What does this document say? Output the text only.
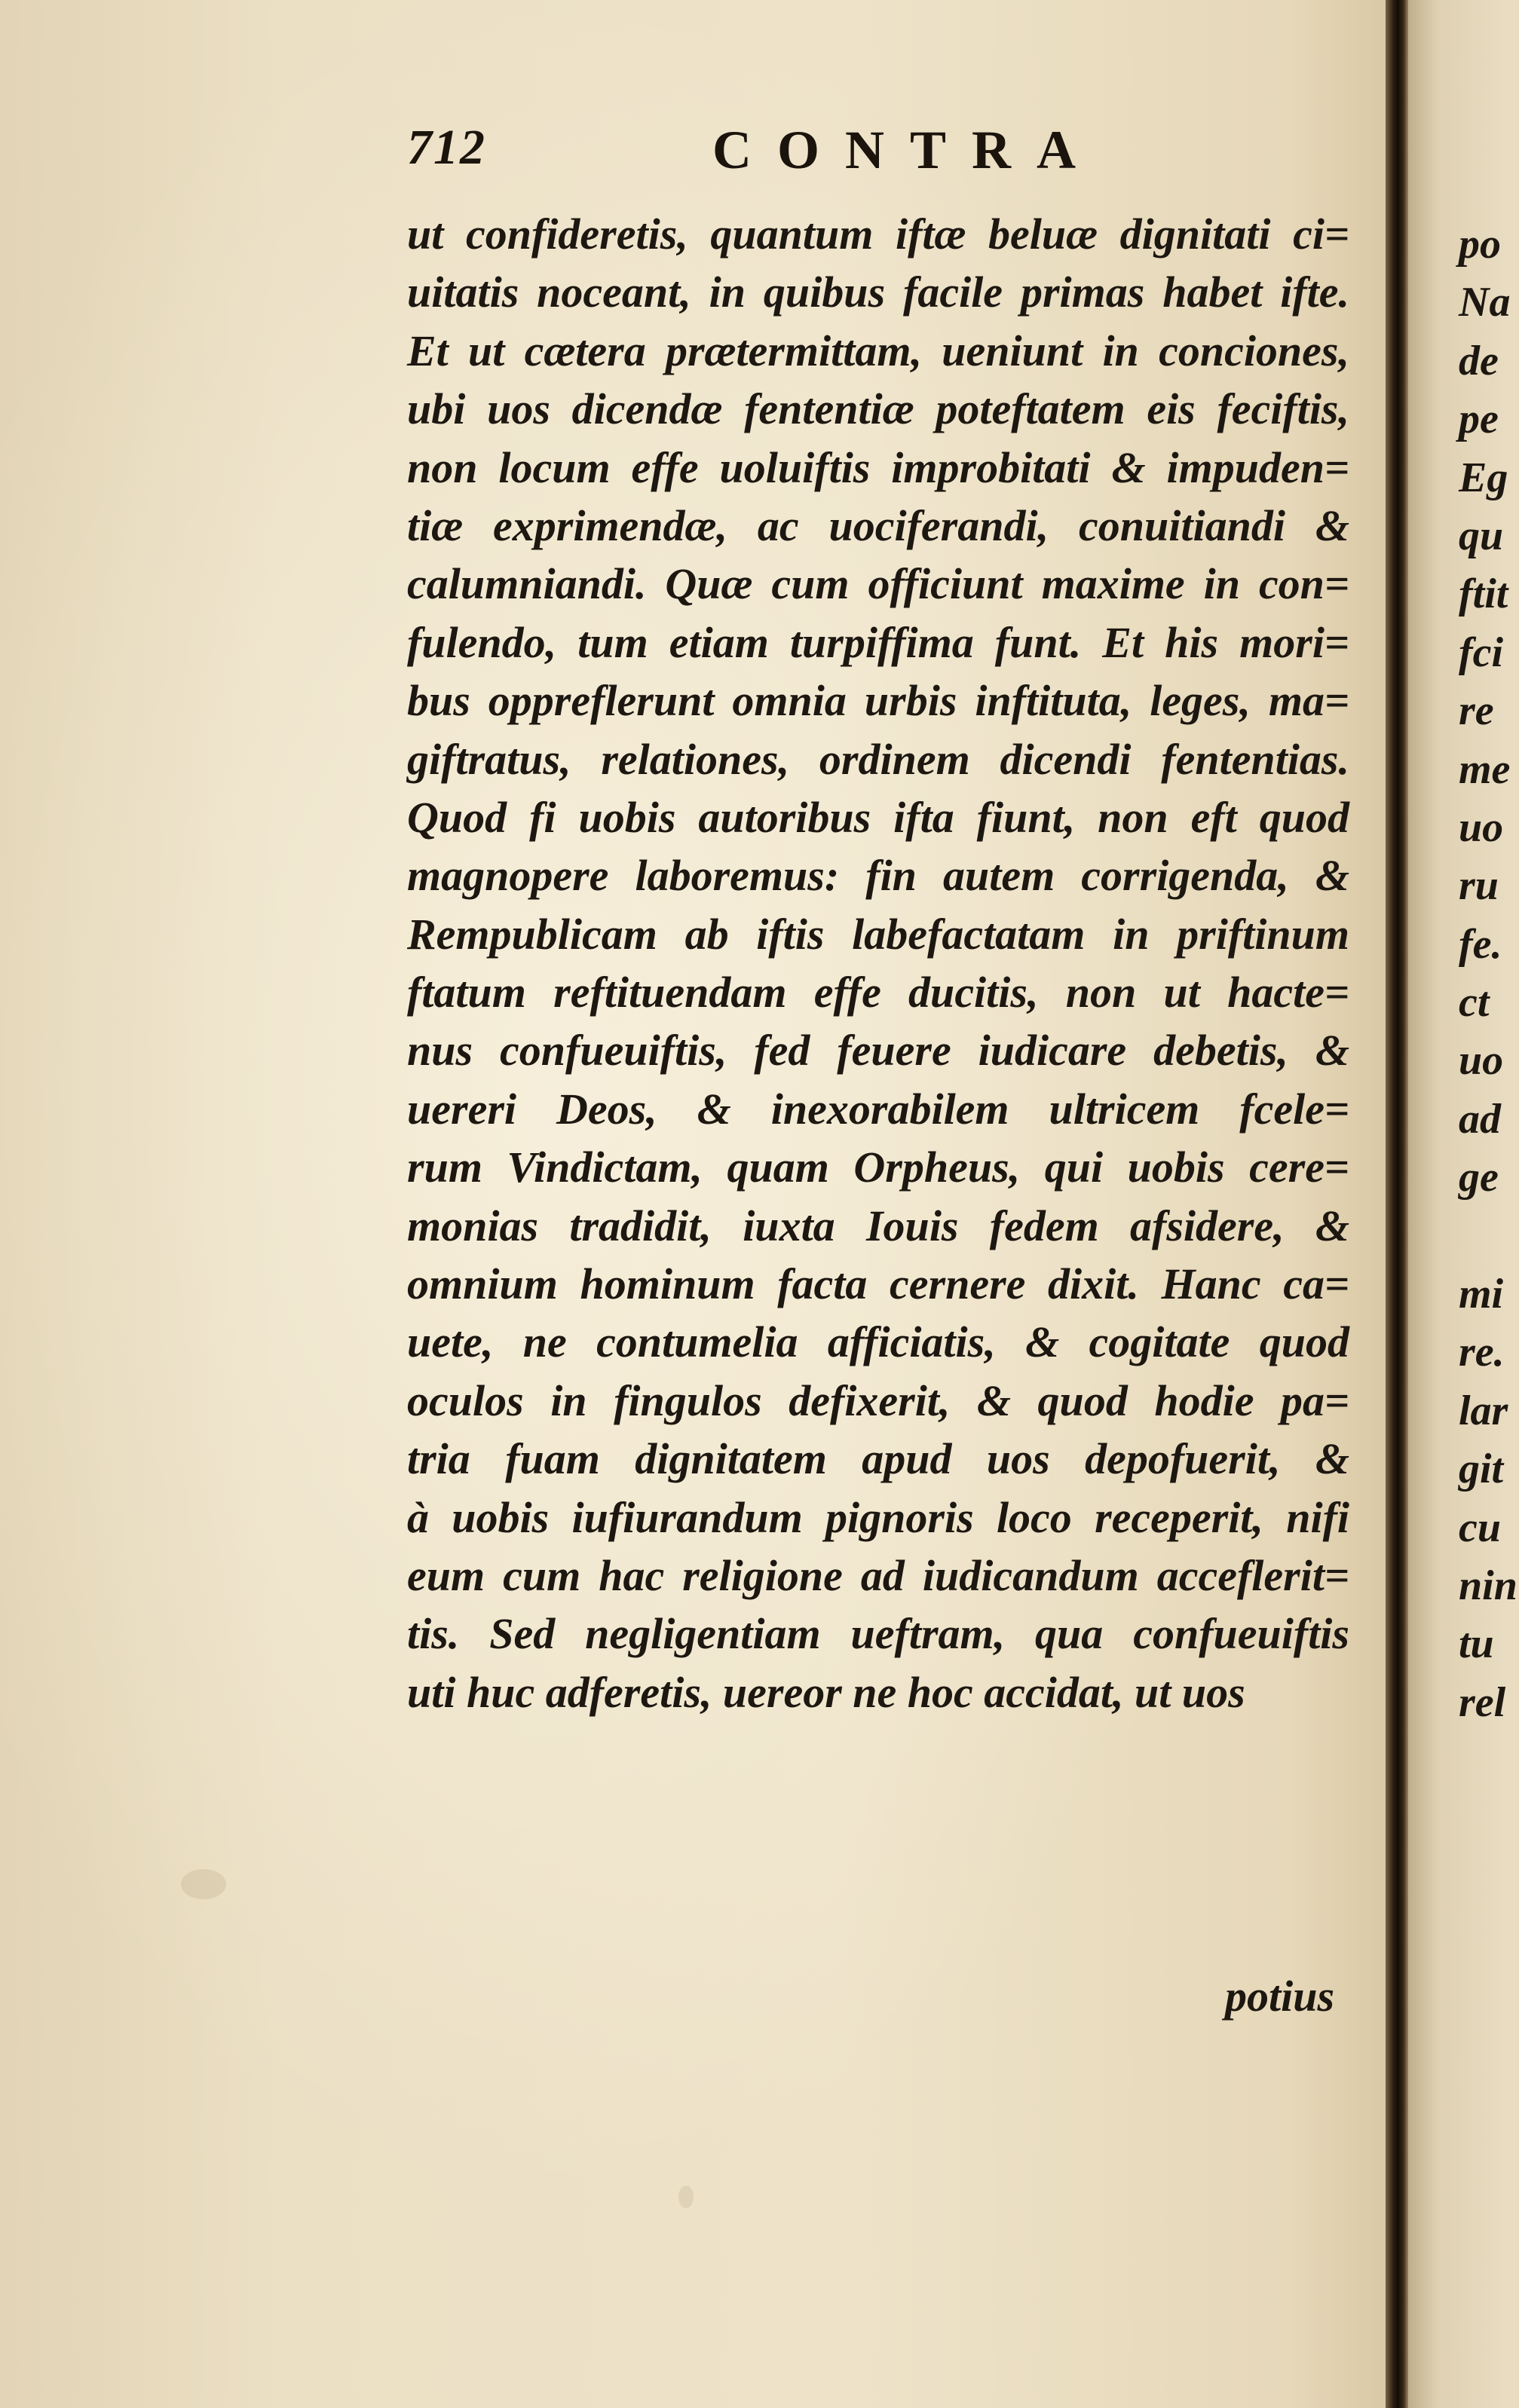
712	CONTRA
ut confideretis, quantum iftæ beluæ dignitati ci=
uitatis noceant, in quibus facile primas habet ifte.
Et ut cætera prætermittam, ueniunt in conciones,
ubi uos dicendæ fententiæ poteftatem eis feciftis,
non locum effe uoluiftis improbitati & impuden=
tiæ exprimendæ, ac uociferandi, conuitiandi &
calumniandi. Quæ cum officiunt maxime in con=
fulendo, tum etiam turpiffima funt. Et his mori=
bus oppreflerunt omnia urbis inftituta, leges, ma=
giftratus, relationes, ordinem dicendi fententias.
Quod fi uobis autoribus ifta fiunt, non eft quod
magnopere laboremus: fin autem corrigenda, &
Rempublicam ab iftis labefactatam in priftinum
ftatum reftituendam effe ducitis, non ut hacte=
nus confueuiftis, fed feuere iudicare debetis, &
uereri Deos, & inexorabilem ultricem fcele=
rum Vindictam, quam Orpheus, qui uobis cere=
monias tradidit, iuxta Iouis fedem afsidere, &
omnium hominum facta cernere dixit. Hanc ca=
uete, ne contumelia afficiatis, & cogitate quod
oculos in fingulos defixerit, & quod hodie pa=
tria fuam dignitatem apud uos depofuerit, &
à uobis iufiurandum pignoris loco receperit, nifi
eum cum hac religione ad iudicandum acceflerit=
tis. Sed negligentiam ueftram, qua confueuiftis
uti huc adferetis, uereor ne hoc accidat, ut uos
potius
po
Na
de
pe
Eg
qu
ftit
fci
re
me
uo
ru
fe.
ct
uo
ad
ge
mi
re.
lar
git
cu
nin
tu
rel
